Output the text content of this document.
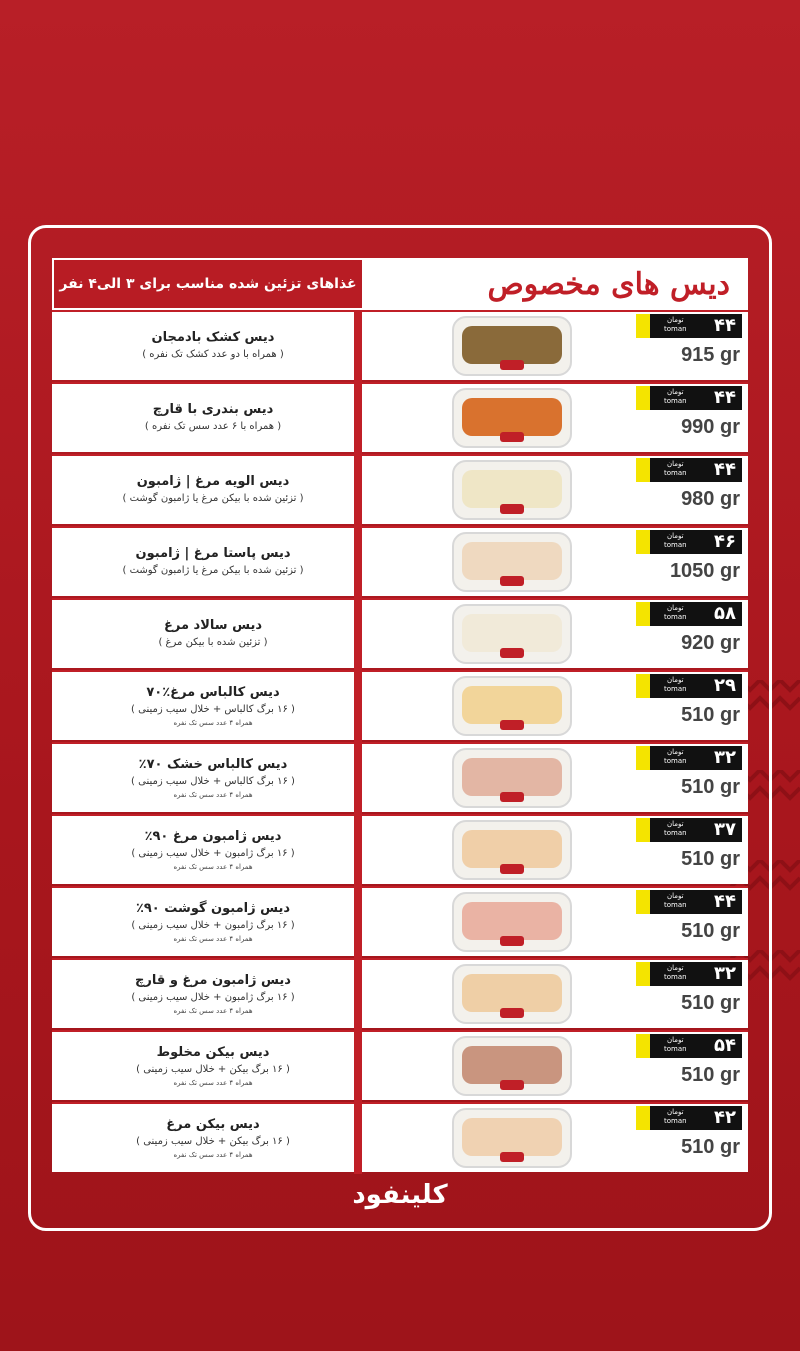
غذاهای تزئین شده مناسب برای ۳ الی۴ نفر	دیس های مخصوص
دیس کشک بادمجان
( همراه با دو عدد کشک تک نفره )
تومان
toman ۴۴
915 gr
دیس بندری با قارچ
( همراه با ۶ عدد سس تک نفره )
تومان
toman ۴۴
990 gr
دیس الویه مرغ | ژامبون
( تزئین شده با بیکن مرغ یا ژامبون گوشت )
تومان
toman ۴۴
980 gr
دیس پاستا مرغ | ژامبون
( تزئین شده با بیکن مرغ یا ژامبون گوشت )
تومان
toman ۴۶
1050 gr
دیس سالاد مرغ
( تزئین شده با بیکن مرغ )
تومان
toman ۵۸
920 gr
دیس کالباس مرغ٪۷۰
( ۱۶ برگ کالباس + خلال سیب زمینی )
همراه ۴ عدد سس تک نفره
تومان
toman ۲۹
510 gr
دیس کالباس خشک ۷۰٪
( ۱۶ برگ کالباس + خلال سیب زمینی )
همراه ۴ عدد سس تک نفره
تومان
toman ۳۲
510 gr
دیس ژامبون مرغ ۹۰٪
( ۱۶ برگ ژامبون + خلال سیب زمینی )
همراه ۴ عدد سس تک نفره
تومان
toman ۳۷
510 gr
دیس ژامبون گوشت ۹۰٪
( ۱۶ برگ ژامبون + خلال سیب زمینی )
همراه ۴ عدد سس تک نفره
تومان
toman ۴۴
510 gr
دیس ژامبون مرغ و قارچ
( ۱۶ برگ ژامبون + خلال سیب زمینی )
همراه ۴ عدد سس تک نفره
تومان
toman ۳۲
510 gr
دیس بیکن مخلوط
( ۱۶ برگ بیکن + خلال سیب زمینی )
همراه ۴ عدد سس تک نفره
تومان
toman ۵۴
510 gr
دیس بیکن مرغ
( ۱۶ برگ بیکن + خلال سیب زمینی )
همراه ۴ عدد سس تک نفره
تومان
toman ۴۲
510 gr
کلینفود
